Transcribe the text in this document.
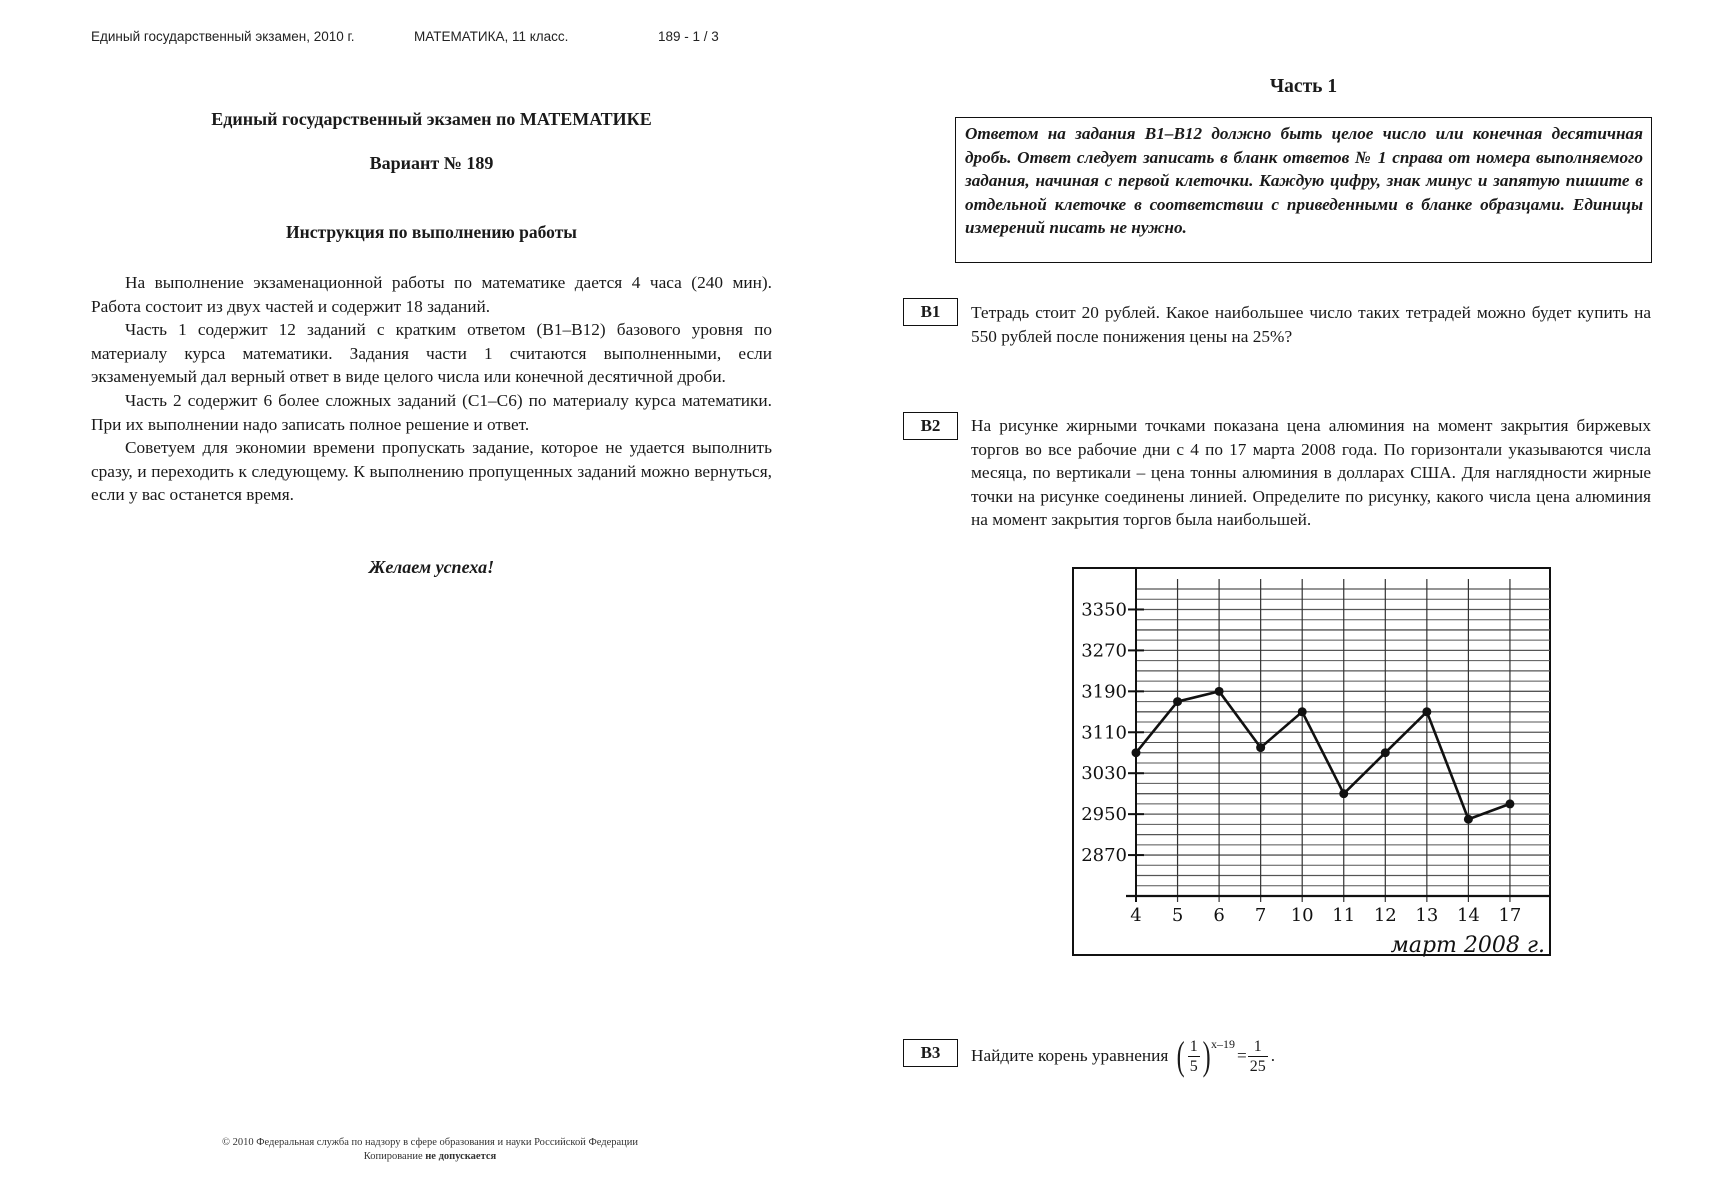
Единый государственный экзамен, 2010 г.	МАТЕМАТИКА, 11 класс.	189 - 1 / 3
Единый государственный экзамен по МАТЕМАТИКЕ
Вариант № 189
Инструкция по выполнению работы

На выполнение экзаменационной работы по математике дается 4 часа (240 мин). Работа состоит из двух частей и содержит 18 заданий.

Часть 1 содержит 12 заданий с кратким ответом (B1–B12) базового уровня по материалу курса математики. Задания части 1 считаются выполненными, если экзаменуемый дал верный ответ в виде целого числа или конечной десятичной дроби.

Часть 2 содержит 6 более сложных заданий (C1–C6) по материалу курса математики. При их выполнении надо записать полное решение и ответ.

Советуем для экономии времени пропускать задание, которое не удается выполнить сразу, и переходить к следующему. К выполнению пропущенных заданий можно вернуться, если у вас останется время.

Желаем успеха!
© 2010 Федеральная служба по надзору в сфере образования и науки Российской Федерации
Копирование не допускается
Часть 1
Ответом на задания B1–B12 должно быть целое число или конечная десятичная дробь. Ответ следует записать в бланк ответов № 1 справа от номера выполняемого задания, начиная с первой клеточки. Каждую цифру, знак минус и запятую пишите в отдельной клеточке в соответствии с приведенными в бланке образцами. Единицы измерений писать не нужно.
B1	Тетрадь стоит 20 рублей. Какое наибольшее число таких тетрадей можно будет купить на 550 рублей после понижения цены на 25%?
B2	На рисунке жирными точками показана цена алюминия на момент закрытия биржевых торгов во все рабочие дни с 4 по 17 марта 2008 года. По горизонтали указываются числа месяца, по вертикали – цена тонны алюминия в долларах США. Для наглядности жирные точки на рисунке соединены линией. Определите по рисунку, какого числа цена алюминия на момент закрытия торгов была наибольшей.
3350
3270
3190
3110
3030
2950
2870
4 5 6 7 10 11 12 13 14 17
март 2008 г.
B3	Найдите корень уравнения ( $\frac{1}{5}$ ) x–19
= $\frac{1}{25}$ .
